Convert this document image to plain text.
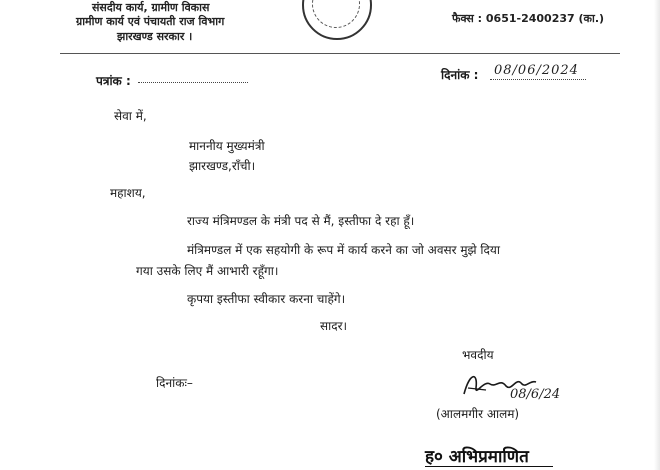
संसदीय कार्य, ग्रामीण विकास
ग्रामीण कार्य एवं पंचायती राज विभाग
झारखण्ड सरकार ।
फैक्स : 0651-2400237 (का.)
पत्रांक :	दिनांक : 08/06/2024
सेवा में,
माननीय मुख्यमंत्री
झारखण्ड,राँची।
महाशय,
राज्य मंत्रिमण्डल के मंत्री पद से मैं, इस्तीफा दे रहा हूँ।
मंत्रिमण्डल में एक सहयोगी के रूप में कार्य करने का जो अवसर मुझे दिया
गया उसके लिए मैं आभारी रहूँगा।
कृपया इस्तीफा स्वीकार करना चाहेंगे।
सादर।
भवदीय
08/6/24
(आलमगीर आलम)
दिनांकः–
ह० अभिप्रमाणित
